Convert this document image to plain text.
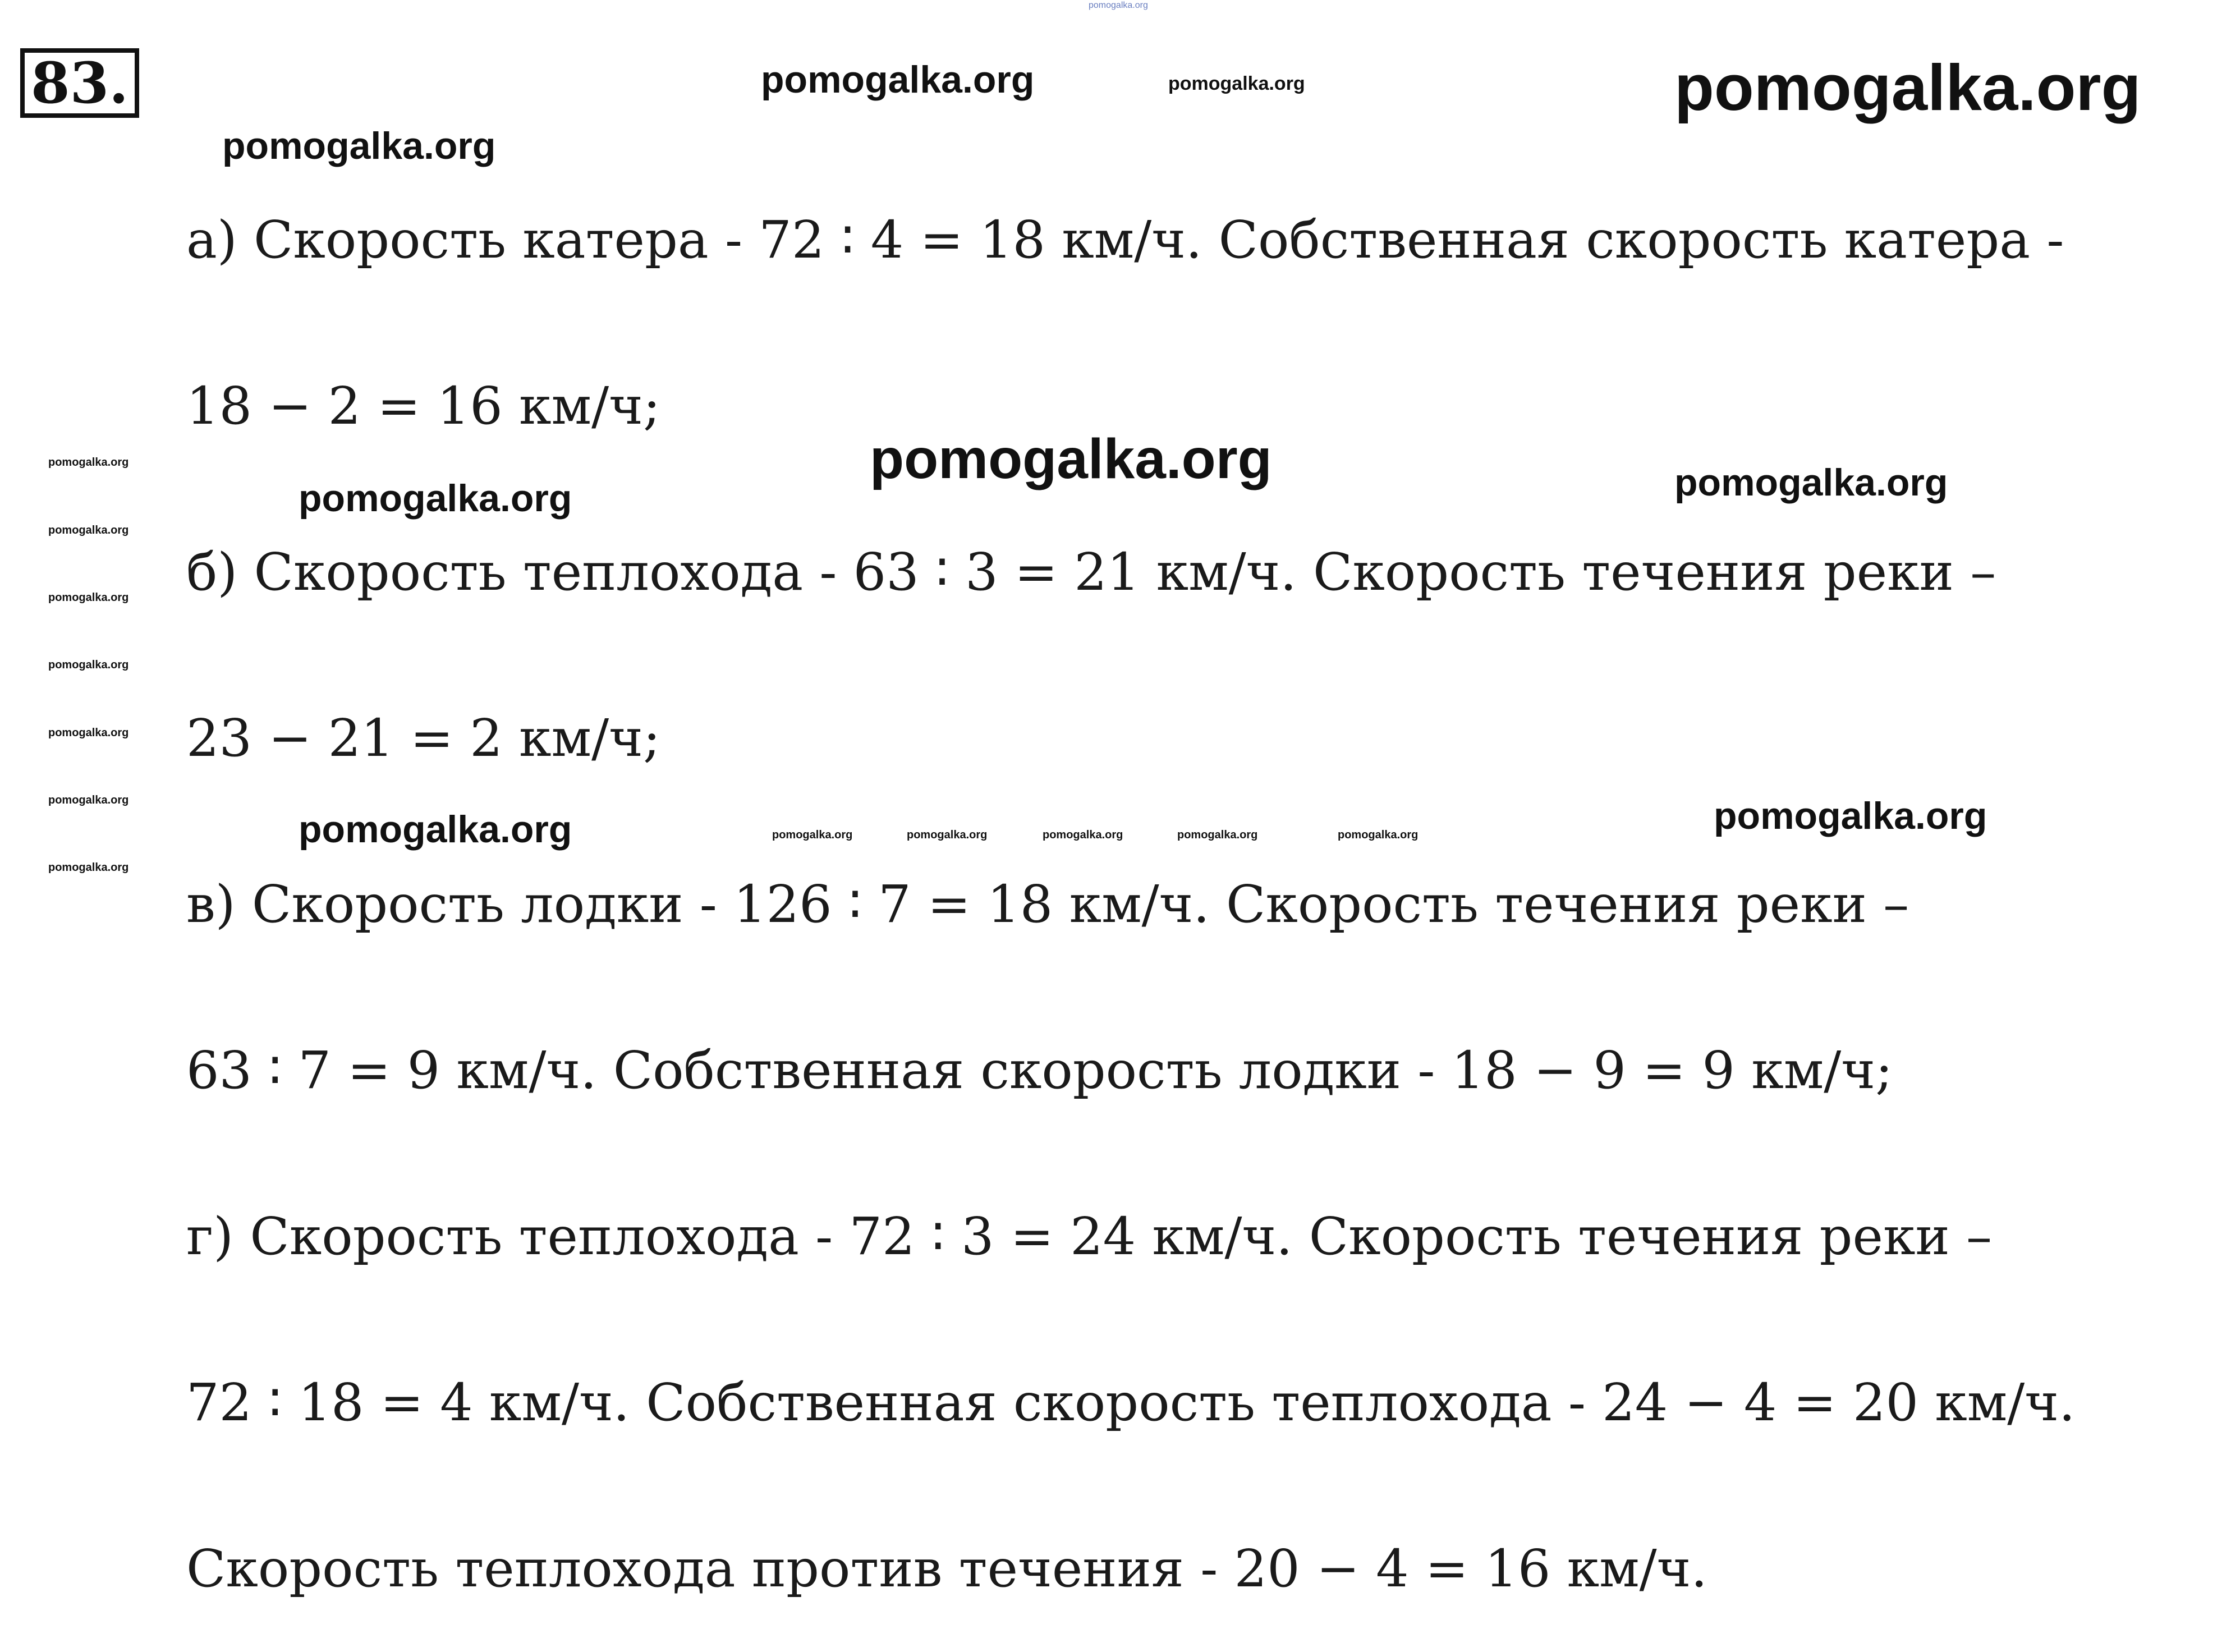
83.
а) Скорость катера - 72 ∶ 4 = 18 км/ч. Собственная скорость катера -
18 − 2 = 16 км/ч;
б) Скорость теплохода - 63 ∶ 3 = 21 км/ч. Скорость течения реки –
23 − 21 = 2 км/ч;
в) Скорость лодки - 126 ∶ 7 = 18 км/ч. Скорость течения реки –
63 ∶ 7 = 9 км/ч. Собственная скорость лодки - 18 − 9 = 9 км/ч;
г) Скорость теплохода - 72 ∶ 3 = 24 км/ч. Скорость течения реки –
72 ∶ 18 = 4 км/ч. Собственная скорость теплохода - 24 − 4 = 20 км/ч.
Скорость теплохода против течения - 20 − 4 = 16 км/ч.
pomogalka.org
pomogalka.org	pomogalka.org	pomogalka.org
pomogalka.org
pomogalka.org	pomogalka.org
pomogalka.org
pomogalka.org	pomogalka.org
pomogalka.org
pomogalka.org
pomogalka.org
pomogalka.org
pomogalka.org
pomogalka.org
pomogalka.org
pomogalka.org	pomogalka.org	pomogalka.org	pomogalka.org	pomogalka.org
